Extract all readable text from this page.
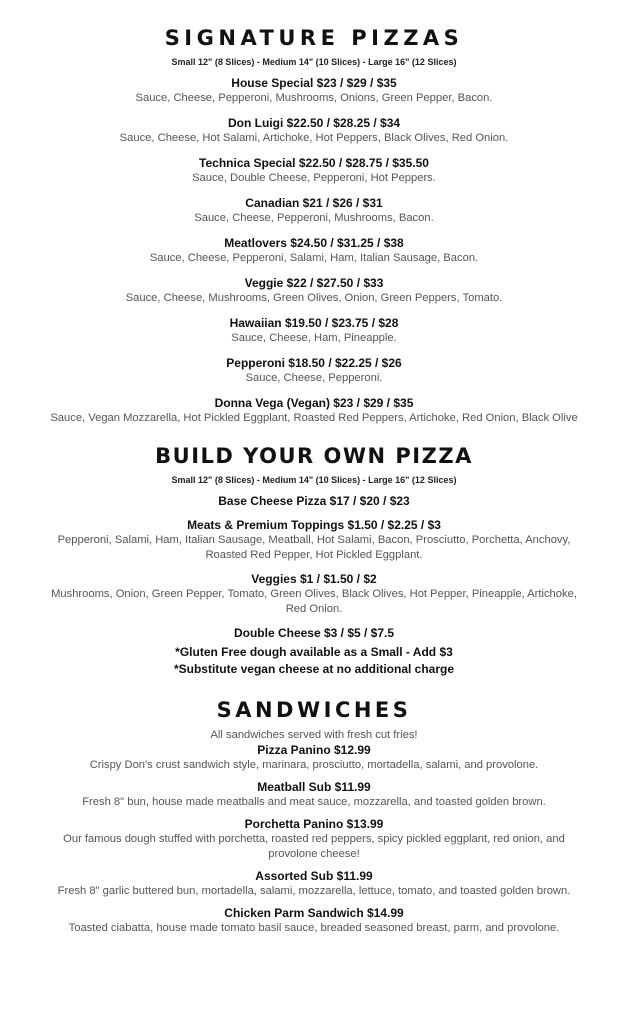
SIGNATURE PIZZAS
Small 12" (8 Slices) - Medium 14" (10 Slices) - Large 16" (12 Slices)
House Special $23 / $29 / $35
Sauce, Cheese, Pepperoni, Mushrooms, Onions, Green Pepper, Bacon.
Don Luigi $22.50 / $28.25 / $34
Sauce, Cheese, Hot Salami, Artichoke, Hot Peppers, Black Olives, Red Onion.
Technica Special $22.50 / $28.75 / $35.50
Sauce, Double Cheese, Pepperoni, Hot Peppers.
Canadian $21 / $26 / $31
Sauce, Cheese, Pepperoni, Mushrooms, Bacon.
Meatlovers $24.50 / $31.25 / $38
Sauce, Cheese, Pepperoni, Salami, Ham, Italian Sausage, Bacon.
Veggie $22 / $27.50 / $33
Sauce, Cheese, Mushrooms, Green Olives, Onion, Green Peppers, Tomato.
Hawaiian $19.50 / $23.75 / $28
Sauce, Cheese, Ham, Pineapple.
Pepperoni $18.50 / $22.25 / $26
Sauce, Cheese, Pepperoni.
Donna Vega (Vegan) $23 / $29 / $35
Sauce, Vegan Mozzarella, Hot Pickled Eggplant, Roasted Red Peppers, Artichoke, Red Onion, Black Olive
BUILD YOUR OWN PIZZA
Small 12" (8 Slices) - Medium 14" (10 Slices) - Large 16" (12 Slices)
Base Cheese Pizza $17 / $20 / $23
Meats & Premium Toppings $1.50 / $2.25 / $3
Pepperoni, Salami, Ham, Italian Sausage, Meatball, Hot Salami, Bacon, Prosciutto, Porchetta, Anchovy, Roasted Red Pepper, Hot Pickled Eggplant.
Veggies $1 / $1.50 / $2
Mushrooms, Onion, Green Pepper, Tomato, Green Olives, Black Olives, Hot Pepper, Pineapple, Artichoke, Red Onion.
Double Cheese $3 / $5 / $7.5
*Gluten Free dough available as a Small - Add $3
*Substitute vegan cheese at no additional charge
SANDWICHES
All sandwiches served with fresh cut fries!
Pizza Panino $12.99
Crispy Don's crust sandwich style, marinara, prosciutto, mortadella, salami, and provolone.
Meatball Sub $11.99
Fresh 8" bun, house made meatballs and meat sauce, mozzarella, and toasted golden brown.
Porchetta Panino $13.99
Our famous dough stuffed with porchetta, roasted red peppers, spicy pickled eggplant, red onion, and provolone cheese!
Assorted Sub $11.99
Fresh 8" garlic buttered bun, mortadella, salami, mozzarella, lettuce, tomato, and toasted golden brown.
Chicken Parm Sandwich $14.99
Toasted ciabatta, house made tomato basil sauce, breaded seasoned breast, parm, and provolone.
